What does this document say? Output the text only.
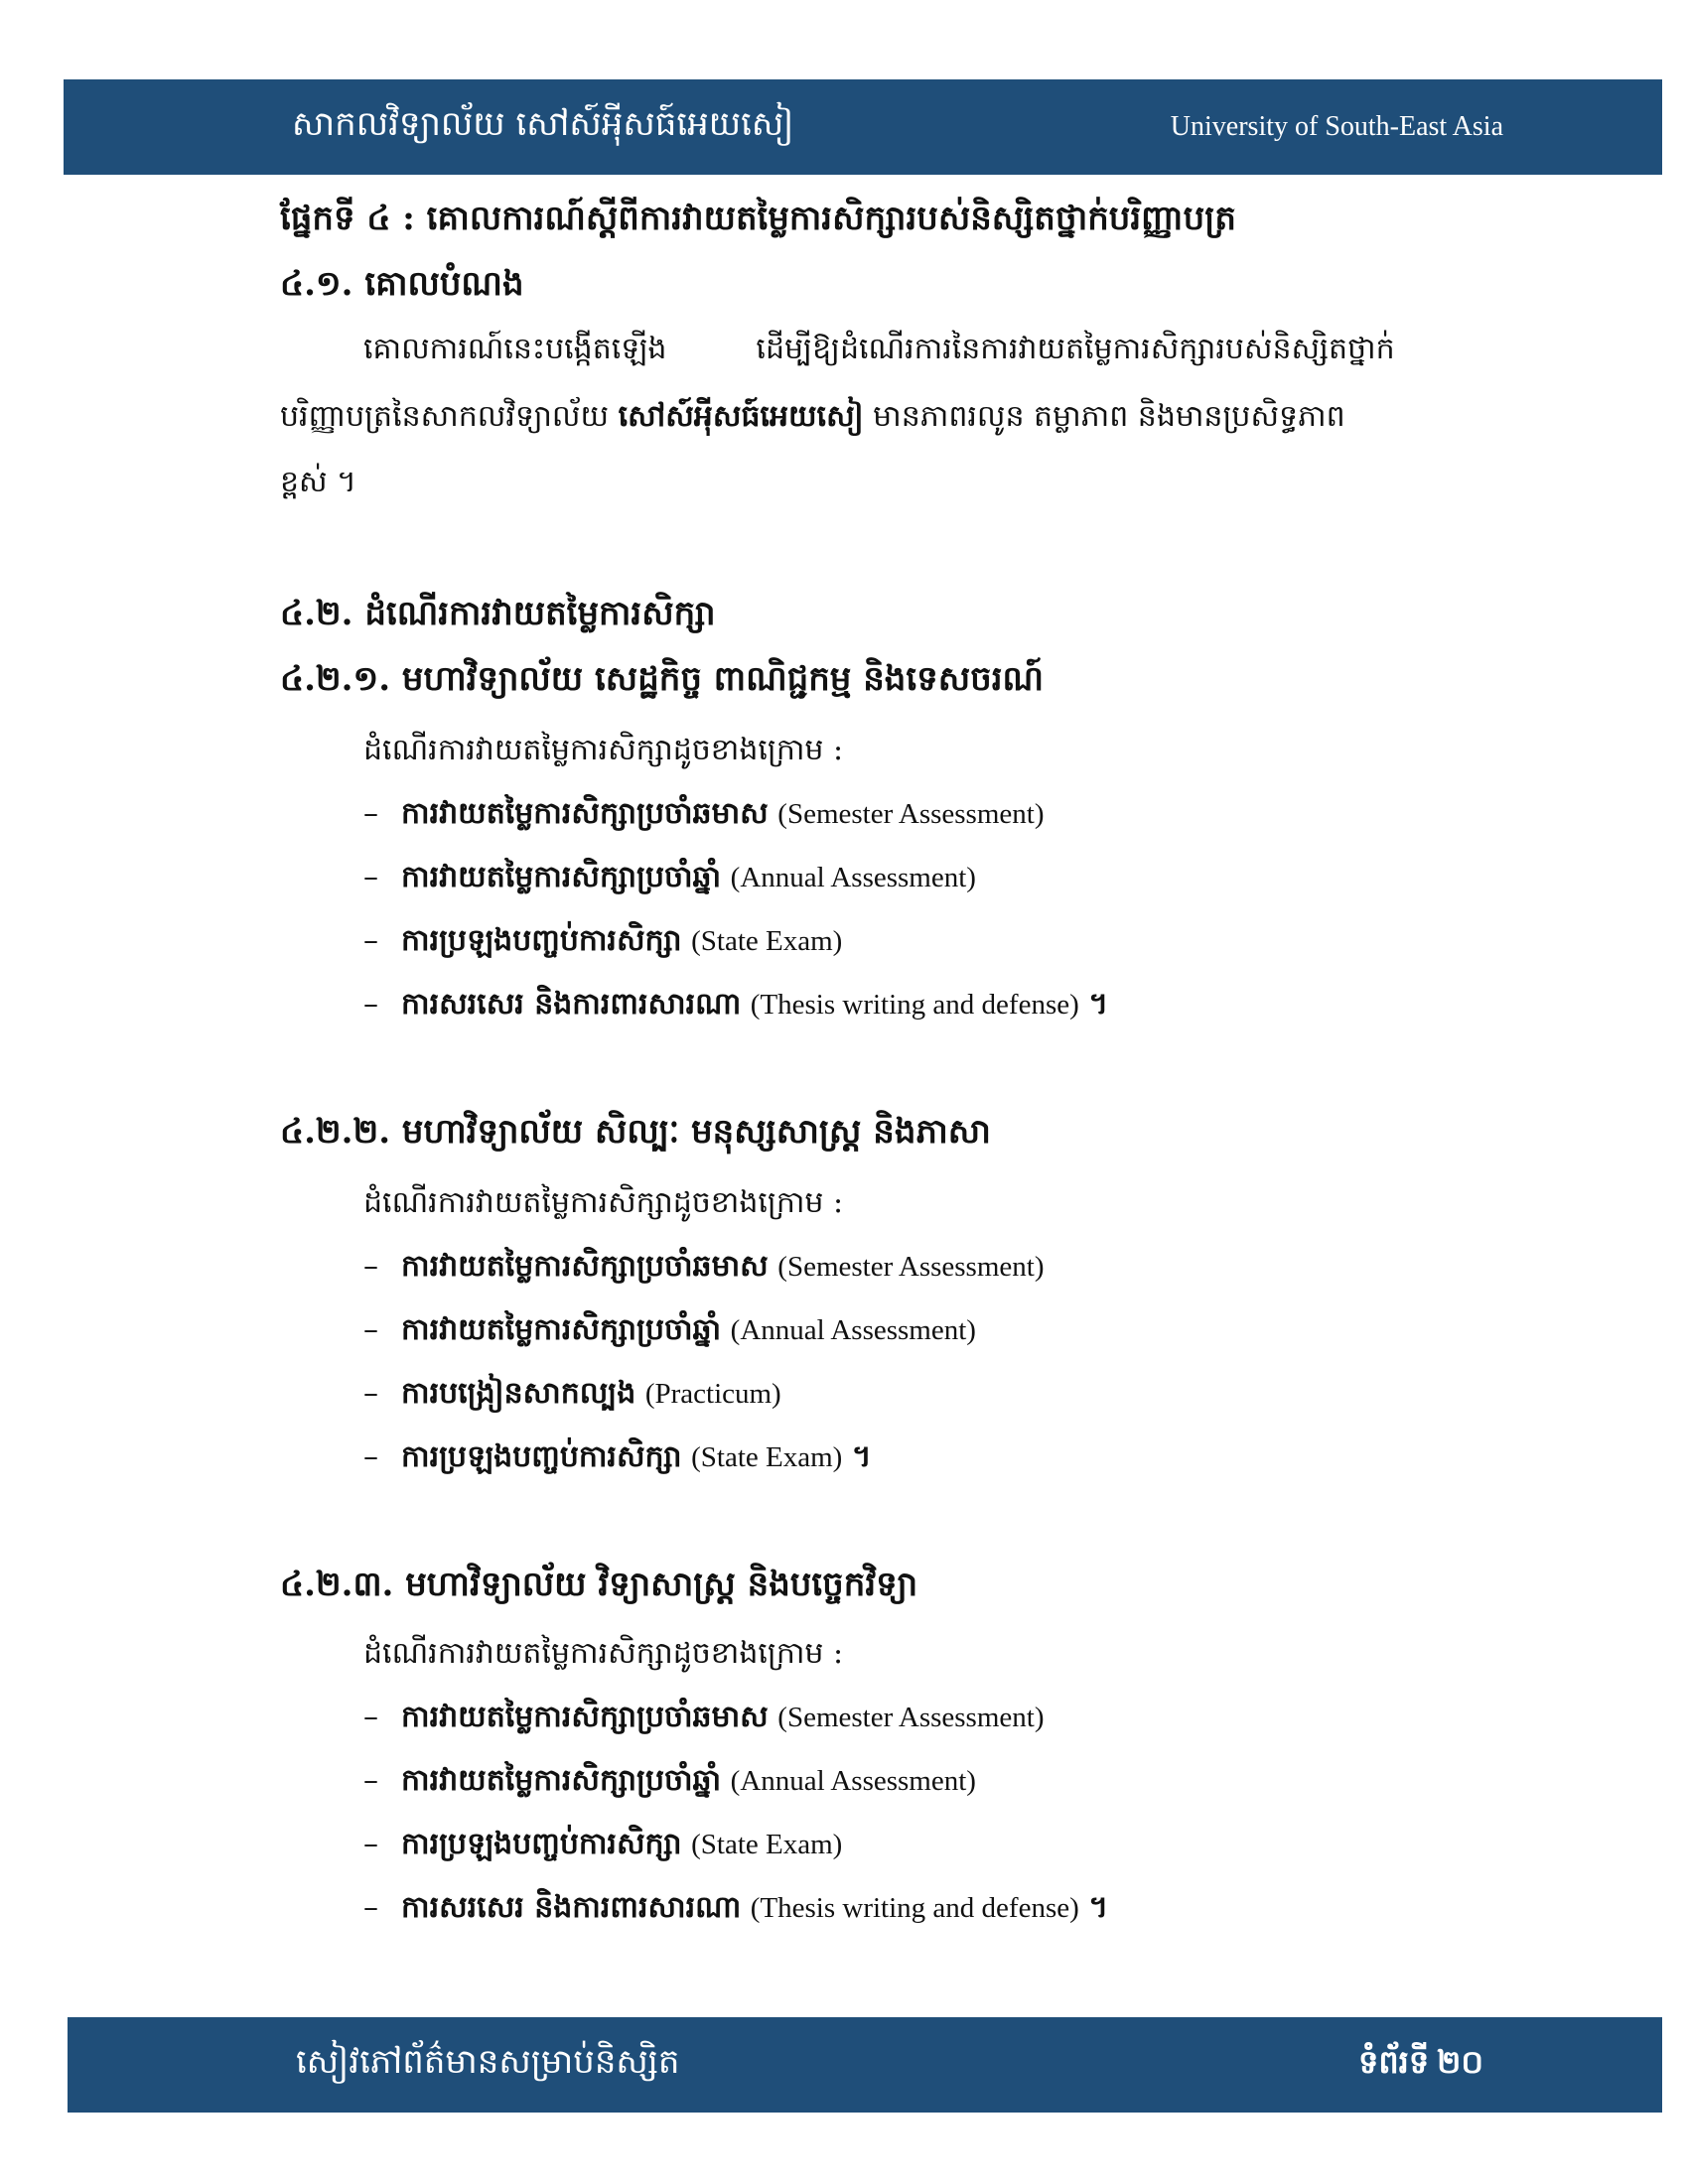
សាកលវិទ្យាល័យ សៅស៍អុីសធ៍អេយសៀ	University of South-East Asia
ផ្នែកទី ៤ : គោលការណ៍ស្ដីពីការវាយតម្លៃការសិក្សារបស់និស្សិតថ្នាក់បរិញ្ញាបត្រ
៤.១. គោលបំណង
គោលការណ៍នេះបង្កើតឡើង	ដើម្បីឱ្យដំណើរការនៃការវាយតម្លៃការសិក្សារបស់និស្សិតថ្នាក់
បរិញ្ញាបត្រនៃសាកលវិទ្យាល័យ សៅស៍អុីសធ៍អេយសៀ មានភាពរលូន តម្លាភាព និងមានប្រសិទ្ធភាព
ខ្ពស់ ។
៤.២. ដំណើរការវាយតម្លៃការសិក្សា
៤.២.១. មហាវិទ្យាល័យ សេដ្ឋកិច្ច ពាណិជ្ជកម្ម និងទេសចរណ៍
ដំណើរការវាយតម្លៃការសិក្សាដូចខាងក្រោម :
– ការវាយតម្លៃការសិក្សាប្រចាំឆមាស (Semester Assessment)
– ការវាយតម្លៃការសិក្សាប្រចាំឆ្នាំ (Annual Assessment)
– ការប្រឡងបញ្ចប់ការសិក្សា (State Exam)
– ការសរសេរ និងការពារសារណា (Thesis writing and defense) ។
៤.២.២. មហាវិទ្យាល័យ សិល្បៈ មនុស្សសាស្ត្រ និងភាសា
ដំណើរការវាយតម្លៃការសិក្សាដូចខាងក្រោម :
– ការវាយតម្លៃការសិក្សាប្រចាំឆមាស (Semester Assessment)
– ការវាយតម្លៃការសិក្សាប្រចាំឆ្នាំ (Annual Assessment)
– ការបង្រៀនសាកល្បង (Practicum)
– ការប្រឡងបញ្ចប់ការសិក្សា (State Exam) ។
៤.២.៣. មហាវិទ្យាល័យ វិទ្យាសាស្ត្រ និងបច្ចេកវិទ្យា
ដំណើរការវាយតម្លៃការសិក្សាដូចខាងក្រោម :
– ការវាយតម្លៃការសិក្សាប្រចាំឆមាស (Semester Assessment)
– ការវាយតម្លៃការសិក្សាប្រចាំឆ្នាំ (Annual Assessment)
– ការប្រឡងបញ្ចប់ការសិក្សា (State Exam)
– ការសរសេរ និងការពារសារណា (Thesis writing and defense) ។
សៀវភៅព័ត៌មានសម្រាប់និស្សិត	ទំព័រទី ២០
